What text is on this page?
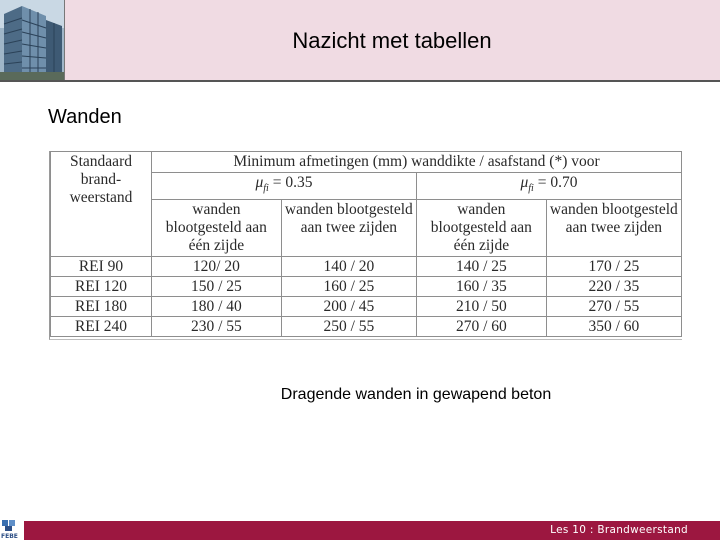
Nazicht met tabellen
Wanden
Standaard brand- weerstand	Minimum afmetingen (mm) wanddikte / asafstand (*) voor			
	$\mu_{fi} = 0.35$		$\mu_{fi} = 0.70$	
	wanden blootgesteld aan één zijde	wanden blootgesteld aan twee zijden	wanden blootgesteld aan één zijde	wanden blootgesteld aan twee zijden
REI 90	120/ 20	140 / 20	140 / 25	170 / 25
REI 120	150 / 25	160 / 25	160 / 35	220 / 35
REI 180	180 / 40	200 / 45	210 / 50	270 / 55
REI 240	230 / 55	250 / 55	270 / 60	350 / 60
Dragende wanden in gewapend beton
FEBE
Les 10 : Brandweerstand
